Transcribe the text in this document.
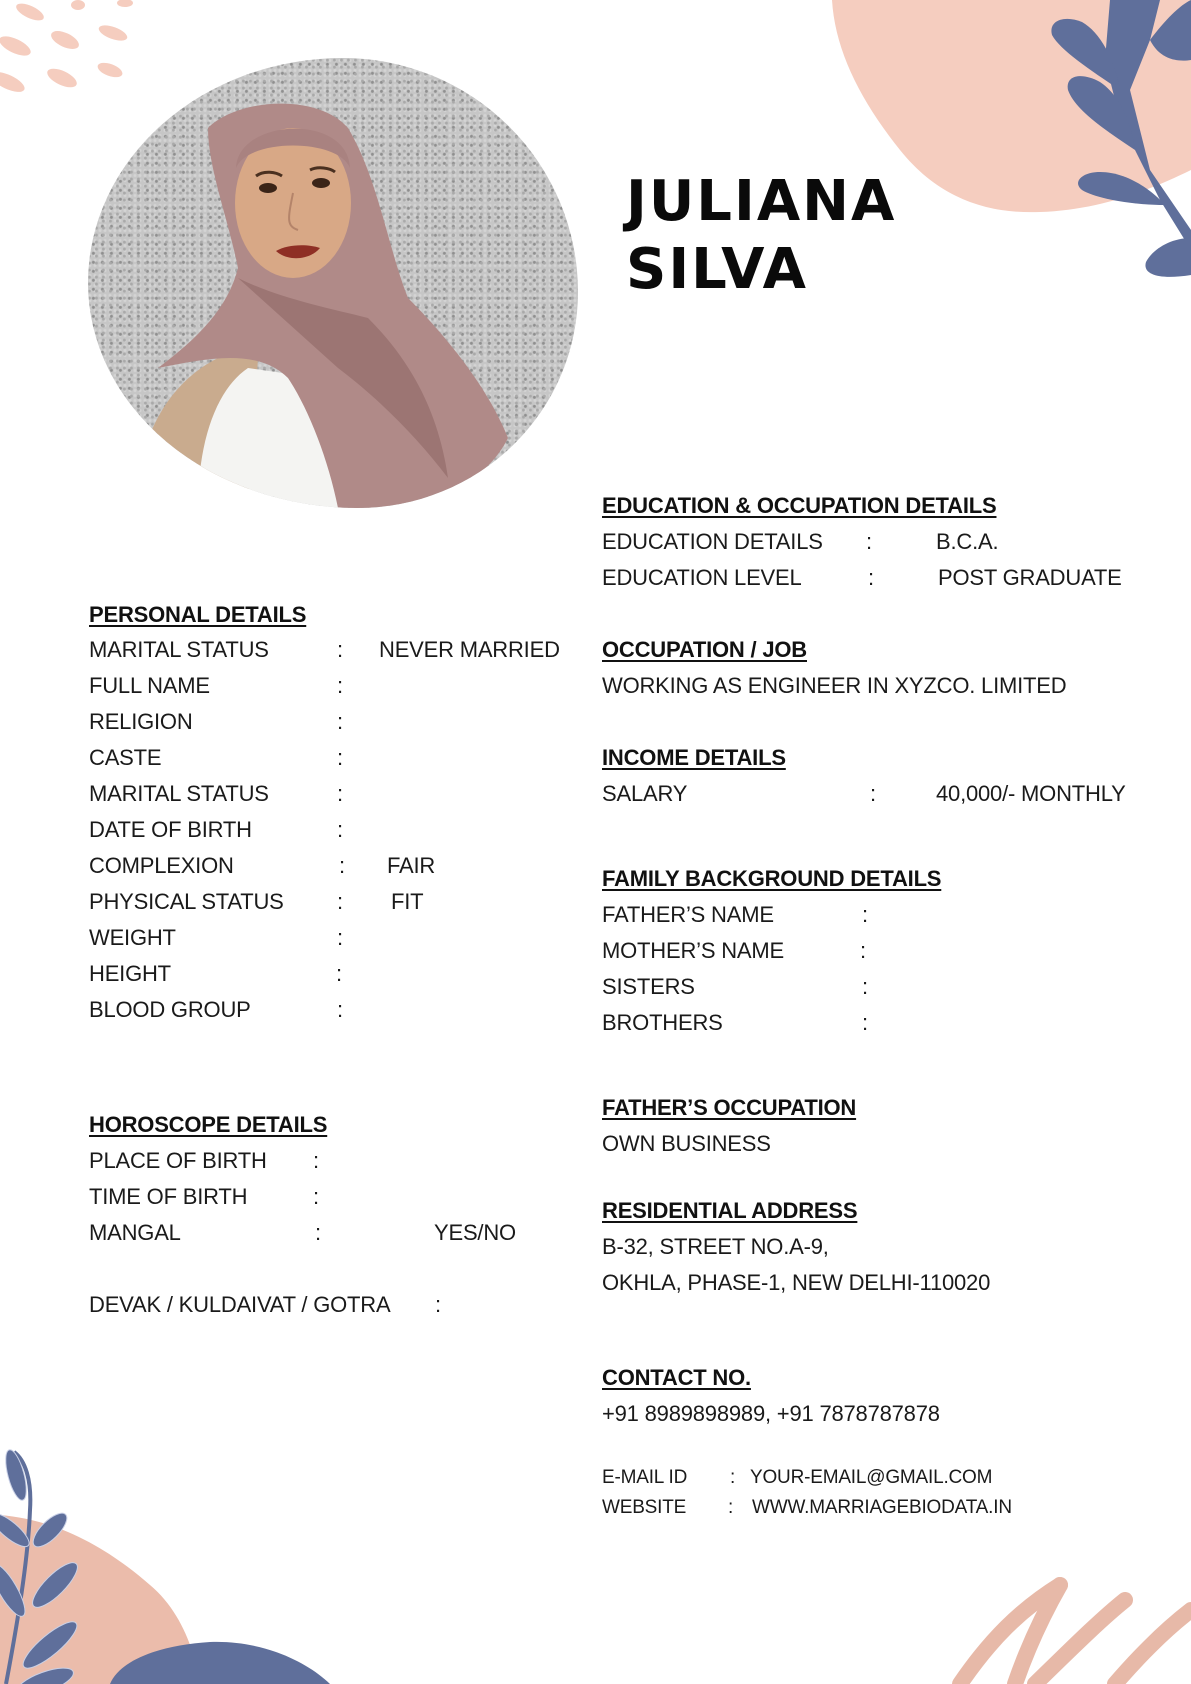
JULIANA
SILVA
PERSONAL DETAILS
MARITAL STATUS	: NEVER MARRIED
FULL NAME	:
RELIGION	:
CASTE	:
MARITAL STATUS	:
DATE OF BIRTH	:
COMPLEXION	: FAIR
PHYSICAL STATUS : FIT
WEIGHT	:
HEIGHT	:
BLOOD GROUP	:
HOROSCOPE DETAILS
PLACE OF BIRTH :
TIME OF BIRTH	:
MANGAL	:	YES/NO
DEVAK / KULDAIVAT / GOTRA :
EDUCATION & OCCUPATION DETAILS
EDUCATION DETAILS :	B.C.A.
EDUCATION LEVEL	:	POST GRADUATE
OCCUPATION / JOB
WORKING AS ENGINEER IN XYZCO. LIMITED
INCOME DETAILS
SALARY	:	40,000/- MONTHLY
FAMILY BACKGROUND DETAILS
FATHER’S NAME	:
MOTHER’S NAME	:
SISTERS	:
BROTHERS	:
FATHER’S OCCUPATION
OWN BUSINESS
RESIDENTIAL ADDRESS
B-32, STREET NO.A-9,
OKHLA, PHASE-1, NEW DELHI-110020
CONTACT NO.
+91 8989898989, +91 7878787878
E-MAIL ID : YOUR-EMAIL@GMAIL.COM
WEBSITE : WWW.MARRIAGEBIODATA.IN
